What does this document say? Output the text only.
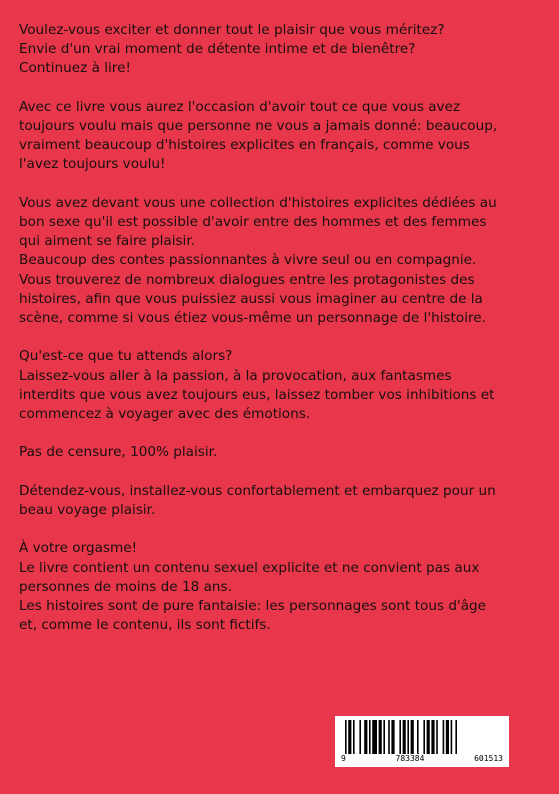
Voulez-vous exciter et donner tout le plaisir que vous méritez?
Envie d'un vrai moment de détente intime et de bienêtre?
Continuez à lire!
Avec ce livre vous aurez l'occasion d'avoir tout ce que vous avez
toujours voulu mais que personne ne vous a jamais donné: beaucoup,
vraiment beaucoup d'histoires explicites en français, comme vous
l'avez toujours voulu!
Vous avez devant vous une collection d'histoires explicites dédiées au
bon sexe qu'il est possible d'avoir entre des hommes et des femmes
qui aiment se faire plaisir.
Beaucoup des contes passionnantes à vivre seul ou en compagnie.
Vous trouverez de nombreux dialogues entre les protagonistes des
histoires, afin que vous puissiez aussi vous imaginer au centre de la
scène, comme si vous étiez vous-même un personnage de l'histoire.
Qu'est-ce que tu attends alors?
Laissez-vous aller à la passion, à la provocation, aux fantasmes
interdits que vous avez toujours eus, laissez tomber vos inhibitions et
commencez à voyager avec des émotions.
Pas de censure, 100% plaisir.
Détendez-vous, installez-vous confortablement et embarquez pour un
beau voyage plaisir.
À votre orgasme!
Le livre contient un contenu sexuel explicite et ne convient pas aux
personnes de moins de 18 ans.
Les histoires sont de pure fantaisie: les personnages sont tous d'âge
et, comme le contenu, ils sont fictifs.
9	783384	601513
